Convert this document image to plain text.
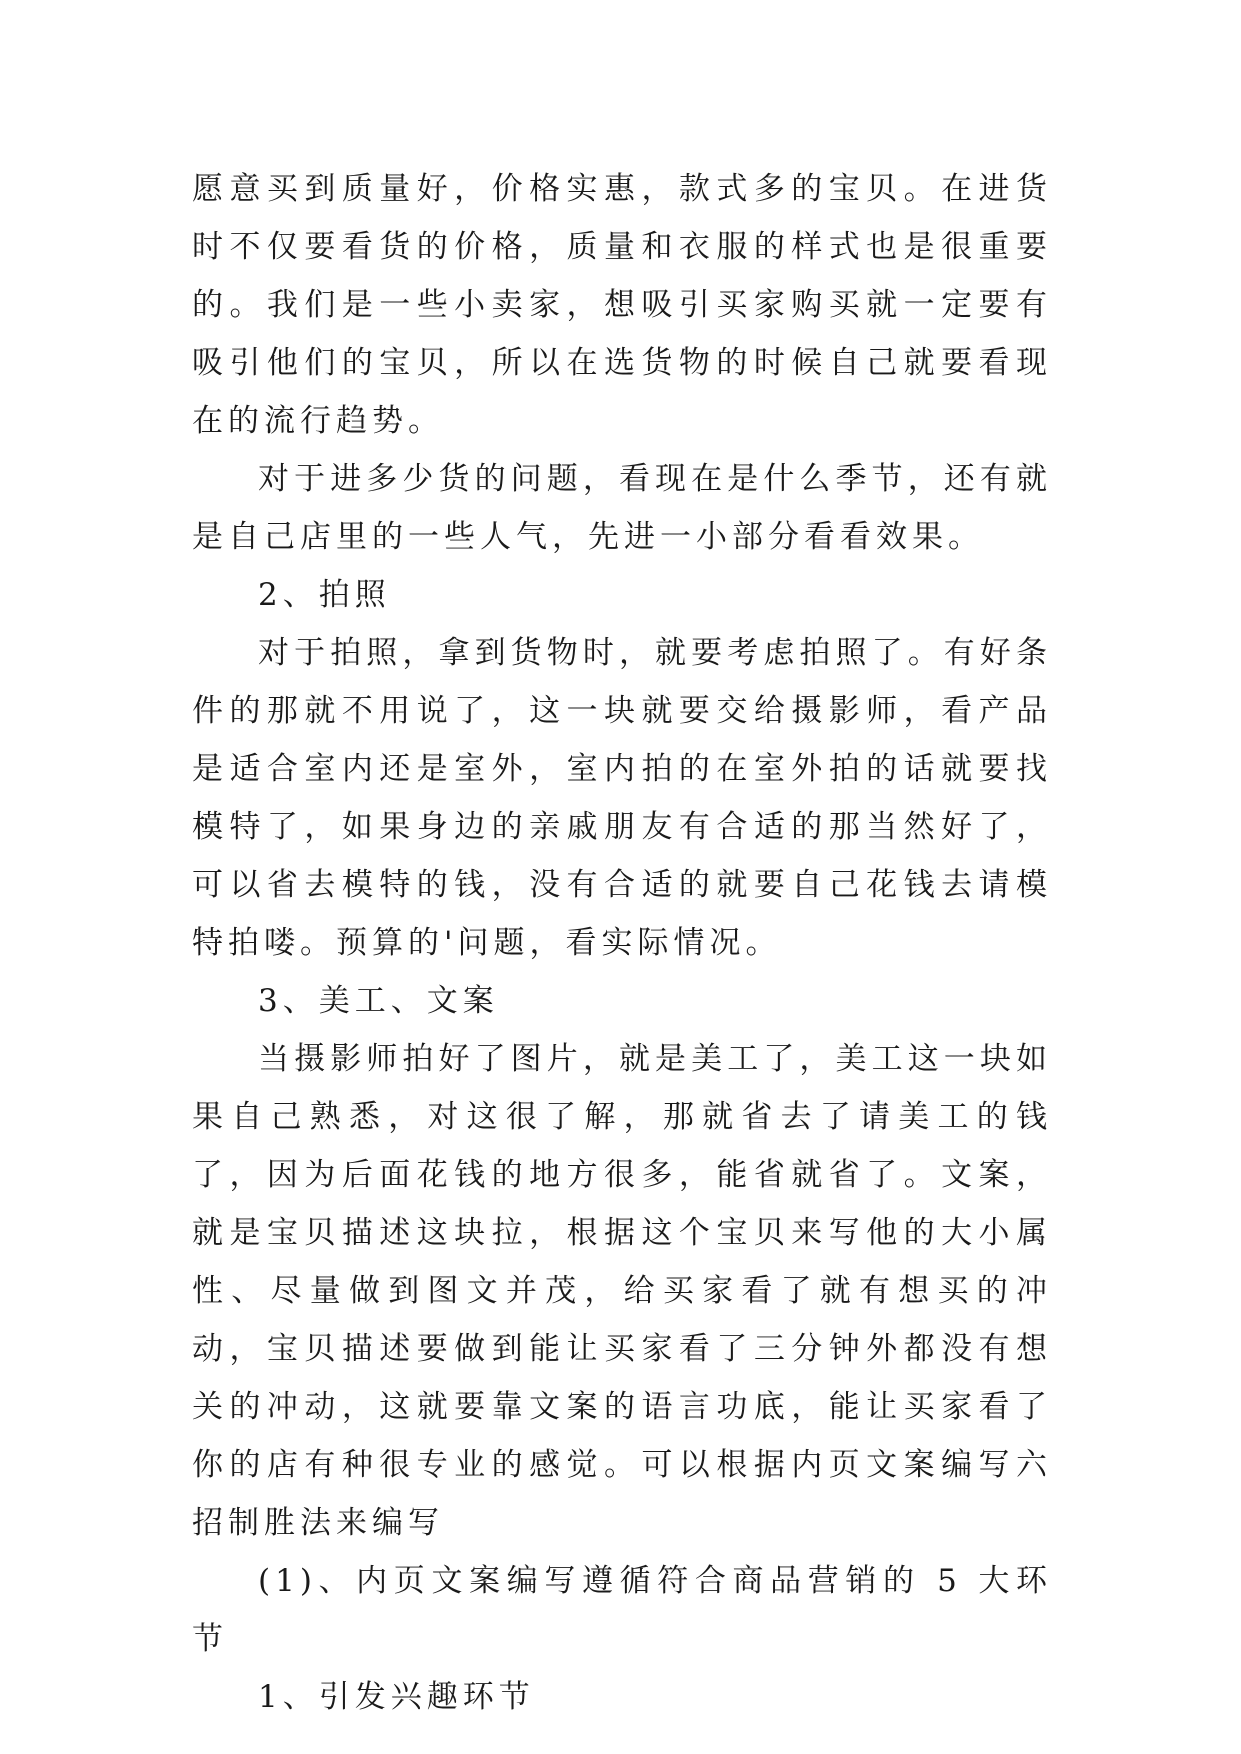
愿意买到质量好，价格实惠，款式多的宝贝。在进货时不仅要看货的价格，质量和衣服的样式也是很重要的。我们是一些小卖家，想吸引买家购买就一定要有吸引他们的宝贝，所以在选货物的时候自己就要看现在的流行趋势。

对于进多少货的问题，看现在是什么季节，还有就是自己店里的一些人气，先进一小部分看看效果。

2、拍照

对于拍照，拿到货物时，就要考虑拍照了。有好条件的那就不用说了，这一块就要交给摄影师，看产品是适合室内还是室外，室内拍的在室外拍的话就要找模特了，如果身边的亲戚朋友有合适的那当然好了，可以省去模特的钱，没有合适的就要自己花钱去请模特拍喽。预算的'问题，看实际情况。

3、美工、文案

当摄影师拍好了图片，就是美工了，美工这一块如果自己熟悉，对这很了解，那就省去了请美工的钱了，因为后面花钱的地方很多，能省就省了。文案，就是宝贝描述这块拉，根据这个宝贝来写他的大小属性、尽量做到图文并茂，给买家看了就有想买的冲动，宝贝描述要做到能让买家看了三分钟外都没有想关的冲动，这就要靠文案的语言功底，能让买家看了你的店有种很专业的感觉。可以根据内页文案编写六招制胜法来编写

(1)、内页文案编写遵循符合商品营销的 5 大环节

1、引发兴趣环节
